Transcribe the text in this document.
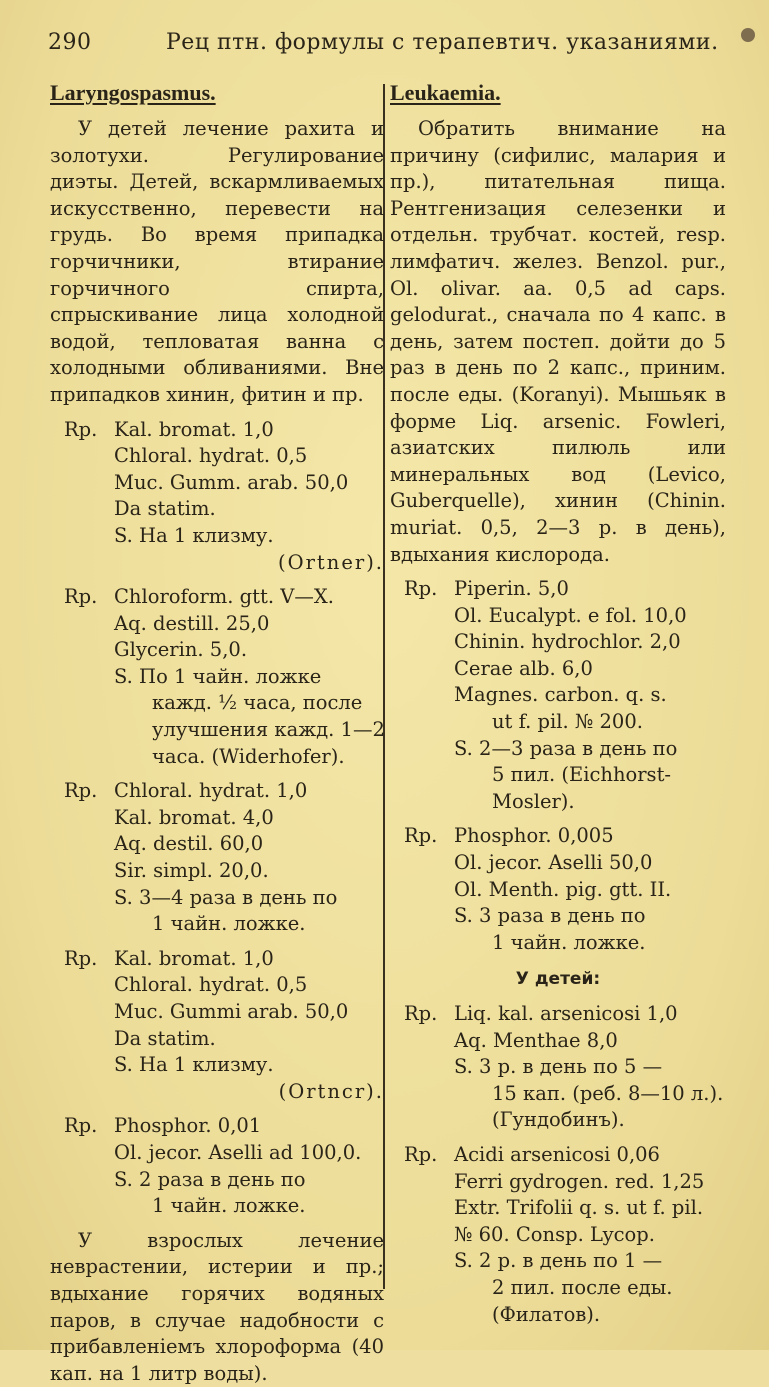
290	Рец птн. формулы с терапевтич. указаниями.
Laryngospasmus.

У детей лечение рахита и золотухи. Регулирование диэты. Детей, вскармливаемых искусственно, перевести на грудь. Во время припадка горчичники, втирание горчичного спирта, спрыскивание лица холодной водой, тепловатая ванна с холодными обливаниями. Вне припадков хинин, фитин и пр.

Rp. Kal. bromat. 1,0
Chloral. hydrat. 0,5
Muc. Gumm. arab. 50,0
Da statim.
S. На 1 клизму.
(Ortner).
Rp. Chloroform. gtt. V—X.
Aq. destill. 25,0
Glycerin. 5,0.
S. По 1 чайн. ложке
кажд. ½ часа, после
улучшения кажд. 1—2
часа. (Widerhofer).
Rp. Chloral. hydrat. 1,0
Kal. bromat. 4,0
Aq. destil. 60,0
Sir. simpl. 20,0.
S. 3—4 раза в день по
1 чайн. ложке.
Rp. Kal. bromat. 1,0
Chloral. hydrat. 0,5
Muc. Gummi arab. 50,0
Da statim.
S. На 1 клизму.
(Ortncr).
Rp. Phosphor. 0,01
Ol. jecor. Aselli ad 100,0.
S. 2 раза в день по
1 чайн. ложке.

У взрослых лечение неврастении, истерии и пр.; вдыхание горячих водяных паров, в случае надобности с прибавленіемъ хлороформа (40 кап. на 1 литр воды).

Leukaemia.

Обратить внимание на причину (сифилис, малария и пр.), питательная пища. Рентгенизация селезенки и отдельн. трубчат. костей, resp. лимфатич. желез. Benzol. pur., Ol. olivar. aa. 0,5 ad caps. gelodurat., сначала по 4 капс. в день, затем постеп. дойти до 5 раз в день по 2 капс., приним. после еды. (Koranyi). Мышьяк в форме Liq. arsenic. Fowleri, азиатских пилюль или минеральных вод (Levico, Guberquelle), хинин (Chinin. muriat. 0,5, 2—3 р. в день), вдыхания кислорода.

Rp. Piperin. 5,0
Ol. Eucalypt. e fol. 10,0
Chinin. hydrochlor. 2,0
Cerae alb. 6,0
Magnes. carbon. q. s.
ut f. pil. № 200.
S. 2—3 раза в день по
5 пил. (Eichhorst-
Mosler).
Rp. Phosphor. 0,005
Ol. jecor. Aselli 50,0
Ol. Menth. pig. gtt. II.
S. 3 раза в день по
1 чайн. ложке.
У детей:
Rp. Liq. kal. arsenicosi 1,0
Aq. Menthae 8,0
S. 3 р. в день по 5 —
15 кап. (реб. 8—10 л.).
(Гундобинъ).
Rp. Acidi arsenicosi 0,06
Ferri gydrogen. red. 1,25
Extr. Trifolii q. s. ut f. pil.
№ 60. Consp. Lycop.
S. 2 р. в день по 1 —
2 пил. после еды.
(Филатов).
